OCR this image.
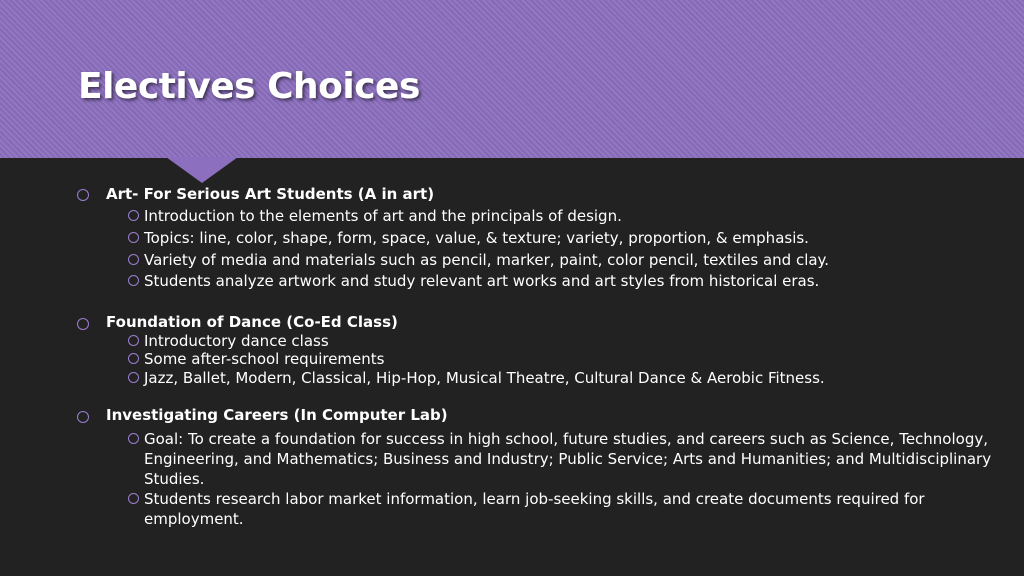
Electives Choices
Art- For Serious Art Students (A in art)
Introduction to the elements of art and the principals of design.
Topics: line, color, shape, form, space, value, & texture; variety, proportion, & emphasis.
Variety of media and materials such as pencil, marker, paint, color pencil, textiles and clay.
Students analyze artwork and study relevant art works and art styles from historical eras.
Foundation of Dance (Co-Ed Class)
Introductory dance class
Some after-school requirements
Jazz, Ballet, Modern, Classical, Hip-Hop, Musical Theatre, Cultural Dance & Aerobic Fitness.
Investigating Careers (In Computer Lab)
Goal: To create a foundation for success in high school, future studies, and careers such as Science, Technology, Engineering, and Mathematics; Business and Industry; Public Service; Arts and Humanities; and Multidisciplinary Studies.
Students research labor market information, learn job-seeking skills, and create documents required for employment.
